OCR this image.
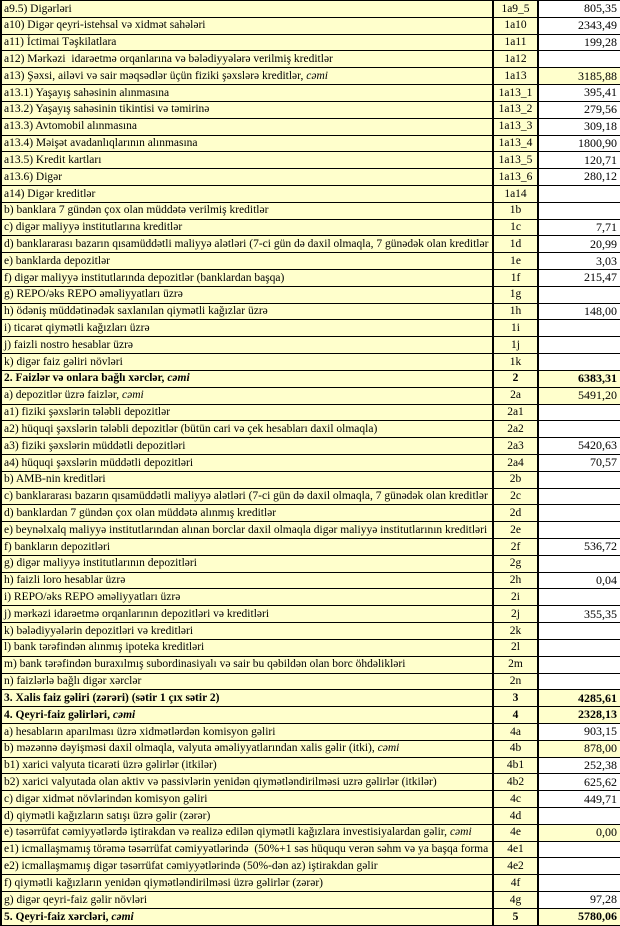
a9.5) Digərləri	1a9_5	805,35
a10) Digər qeyri-istehsal və xidmət sahələri	1a10	2343,49
a11) İctimai Təşkilatlara	1a11	199,28
a12) Mərkəzi  idarəetmə orqanlarına və bələdiyyələrə verilmiş kreditlər	1a12	
a13) Şəxsi, ailəvi və sair məqsədlər üçün fiziki şəxslərə kreditlər, cəmi	1a13	3185,88
a13.1) Yaşayış sahəsinin alınmasına	1a13_1	395,41
a13.2) Yaşayış sahəsinin tikintisi və təmirinə	1a13_2	279,56
a13.3) Avtomobil alınmasına	1a13_3	309,18
a13.4) Məişət avadanlıqlarının alınmasına	1a13_4	1800,90
a13.5) Kredit kartları	1a13_5	120,71
a13.6) Digər	1a13_6	280,12
a14) Digər kreditlər	1a14	
b) banklara 7 gündən çox olan müddətə verilmiş kreditlər	1b	
c) digər maliyyə institutlarına kreditlər	1c	7,71
d) banklararası bazarın qısamüddətli maliyyə alətləri (7-ci gün də daxil olmaqla, 7 günədək olan kreditlər	1d	20,99
e) banklarda depozitlər	1e	3,03
f) digər maliyyə institutlarında depozitlər (banklardan başqa)	1f	215,47
g) REPO/əks REPO əməliyyatları üzrə	1g	
h) ödəniş müddətinədək saxlanılan qiymətli kağızlar üzrə	1h	148,00
i) ticarət qiymətli kağızları üzrə	1i	
j) faizli nostro hesablar üzrə	1j	
k) digər faiz gəliri növləri	1k	
2. Faizlər və onlara bağlı xərclər, cəmi	2	6383,31
a) depozitlər üzrə faizlər, cəmi	2a	5491,20
a1) fiziki şəxslərin tələbli depozitlər	2a1	
a2) hüquqi şəxslərin tələbli depozitlər (bütün cari və çek hesabları daxil olmaqla)	2a2	
a3) fiziki şəxslərin müddətli depozitləri	2a3	5420,63
a4) hüquqi şəxslərin müddətli depozitləri	2a4	70,57
b) AMB-nin kreditləri	2b	
c) banklararası bazarın qısamüddətli maliyyə alətləri (7-ci gün də daxil olmaqla, 7 günədək olan kreditlər	2c	
d) banklardan 7 gündən çox olan müddətə alınmış kreditlər	2d	
e) beynəlxalq maliyyə institutlarından alınan borclar daxil olmaqla digər maliyyə institutlarının kreditləri	2e	
f) bankların depozitləri	2f	536,72
g) digər maliyyə institutlarının depozitləri	2g	
h) faizli loro hesablar üzrə	2h	0,04
i) REPO/əks REPO əməliyyatları üzrə	2i	
j) mərkəzi idarəetmə orqanlarının depozitləri və kreditləri	2j	355,35
k) bələdiyyələrin depozitləri və kreditləri	2k	
l) bank tərəfindən alınmış ipoteka kreditləri	2l	
m) bank tərəfindən buraxılmış subordinasiyalı və sair bu qəbildən olan borc öhdəlikləri	2m	
n) faizlərlə bağlı digər xərclər	2n	
3. Xalis faiz gəliri (zərəri) (sətir 1 çıx sətir 2)	3	4285,61
4. Qeyri-faiz gəlirləri, cəmi	4	2328,13
a) hesabların aparılması üzrə xidmətlərdən komisyon gəliri	4a	903,15
b) məzənnə dəyişməsi daxil olmaqla, valyuta əməliyyatlarından xalis gəlir (itki), cəmi	4b	878,00
b1) xarici valyuta ticarəti üzrə gəlirlər (itkilər)	4b1	252,38
b2) xarici valyutada olan aktiv və passivlərin yenidən qiymətləndirilməsi uzrə gəlirlər (itkilər)	4b2	625,62
c) digər xidmət növlərindən komisyon gəliri	4c	449,71
d) qiymətli kağızların satışı üzrə gəlir (zərər)	4d	
e) təsərrüfat cəmiyyətlərdə iştirakdan və realizə edilən qiymətli kağızlara investisiyalardan gəlir, cəmi	4e	0,00
e1) icmallaşmamış törəmə təsərrüfat cəmiyyətlərində  (50%+1 səs hüququ verən səhm və ya başqa forma	4e1	
e2) icmallaşmamış digər təsərrüfat cəmiyyətlərində (50%-dən az) iştirakdan gəlir	4e2	
f) qiymətli kağızların yenidən qiymətləndirilməsi üzrə gəlirlər (zərər)	4f	
g) digər qeyri-faiz gəlir növləri	4g	97,28
5. Qeyri-faiz xərcləri, cəmi	5	5780,06
